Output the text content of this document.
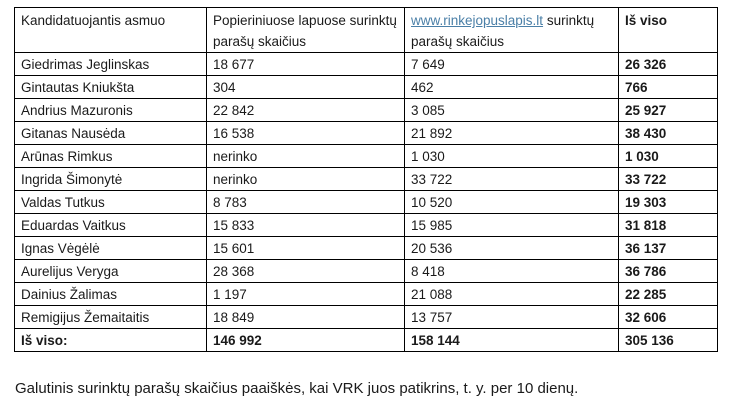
Kandidatuojantis asmuo	Popieriniuose lapuose surinktų parašų skaičius	www.rinkejopuslapis.lt surinktų parašų skaičius	Iš viso
Giedrimas Jeglinskas	18 677	7 649	26 326
Gintautas Kniukšta	304	462	766
Andrius Mazuronis	22 842	3 085	25 927
Gitanas Nausėda	16 538	21 892	38 430
Arūnas Rimkus	nerinko	1 030	1 030
Ingrida Šimonytė	nerinko	33 722	33 722
Valdas Tutkus	8 783	10 520	19 303
Eduardas Vaitkus	15 833	15 985	31 818
Ignas Vėgėlė	15 601	20 536	36 137
Aurelijus Veryga	28 368	8 418	36 786
Dainius Žalimas	1 197	21 088	22 285
Remigijus Žemaitaitis	18 849	13 757	32 606
Iš viso:	146 992	158 144	305 136

Galutinis surinktų parašų skaičius paaiškės, kai VRK juos patikrins, t. y. per 10 dienų.
